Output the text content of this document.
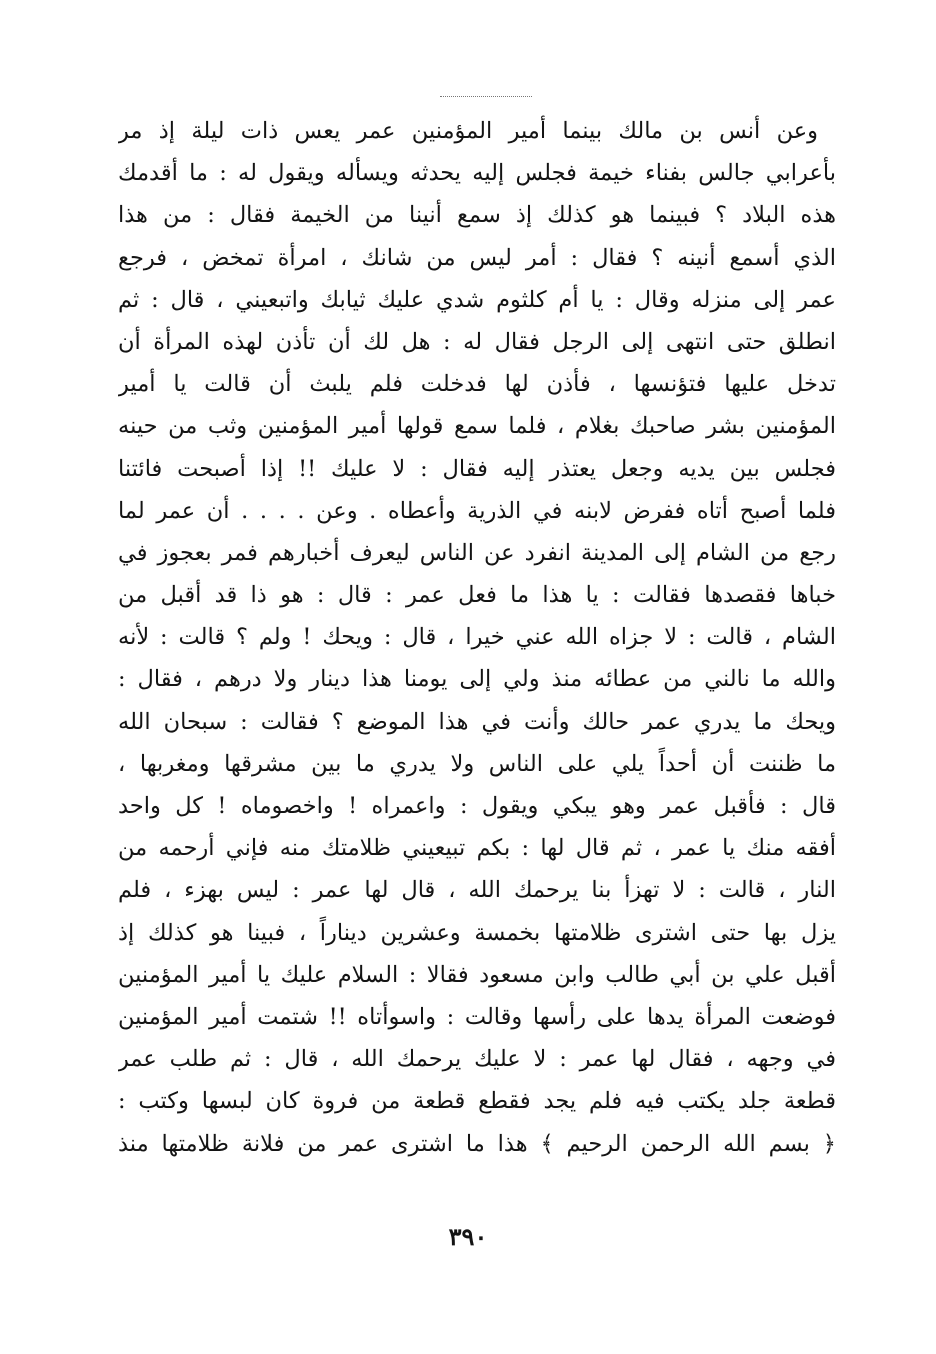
وعن أنس بن مالك بينما أمير المؤمنين عمر يعس ذات ليلة إذ مر
بأعرابي جالس بفناء خيمة فجلس إليه يحدثه ويسأله ويقول له : ما أقدمك
هذه البلاد ؟ فبينما هو كذلك إذ سمع أنينا من الخيمة فقال : من هذا
الذي أسمع أنينه ؟ فقال : أمر ليس من شانك ، امرأة تمخض ، فرجع
عمر إلى منزله وقال : يا أم كلثوم شدي عليك ثيابك واتبعيني ، قال : ثم
انطلق حتى انتهى إلى الرجل فقال له : هل لك أن تأذن لهذه المرأة أن
تدخل عليها فتؤنسها ، فأذن لها فدخلت فلم يلبث أن قالت يا أمير
المؤمنين بشر صاحبك بغلام ، فلما سمع قولها أمير المؤمنين وثب من حينه
فجلس بين يديه وجعل يعتذر إليه فقال : لا عليك !! إذا أصبحت فائتنا
فلما أصبح أتاه ففرض لابنه في الذرية وأعطاه . وعن . . . . أن عمر لما
رجع من الشام إلى المدينة انفرد عن الناس ليعرف أخبارهم فمر بعجوز في
خباها فقصدها فقالت : يا هذا ما فعل عمر : قال : هو ذا قد أقبل من
الشام ، قالت : لا جزاه الله عني خيرا ، قال : ويحك ! ولم ؟ قالت : لأنه
والله ما نالني من عطائه منذ ولي إلى يومنا هذا دينار ولا درهم ، فقال :
ويحك ما يدري عمر حالك وأنت في هذا الموضع ؟ فقالت : سبحان الله
ما ظننت أن أحداً يلي على الناس ولا يدري ما بين مشرقها ومغربها ،
قال : فأقبل عمر وهو يبكي ويقول : واعمراه ! واخصوماه ! كل واحد
أفقه منك يا عمر ، ثم قال لها : بكم تبيعيني ظلامتك منه فإني أرحمه من
النار ، قالت : لا تهزأ بنا يرحمك الله ، قال لها عمر : ليس بهزء ، فلم
يزل بها حتى اشترى ظلامتها بخمسة وعشرين ديناراً ، فبينا هو كذلك إذ
أقبل علي بن أبي طالب وابن مسعود فقالا : السلام عليك يا أمير المؤمنين
فوضعت المرأة يدها على رأسها وقالت : واسوأتاه !! شتمت أمير المؤمنين
في وجهه ، فقال لها عمر : لا عليك يرحمك الله ، قال : ثم طلب عمر
قطعة جلد يكتب فيه فلم يجد فقطع قطعة من فروة كان لبسها وكتب :
﴿ بسم الله الرحمن الرحيم ﴾ هذا ما اشترى عمر من فلانة ظلامتها منذ
٣٩٠
